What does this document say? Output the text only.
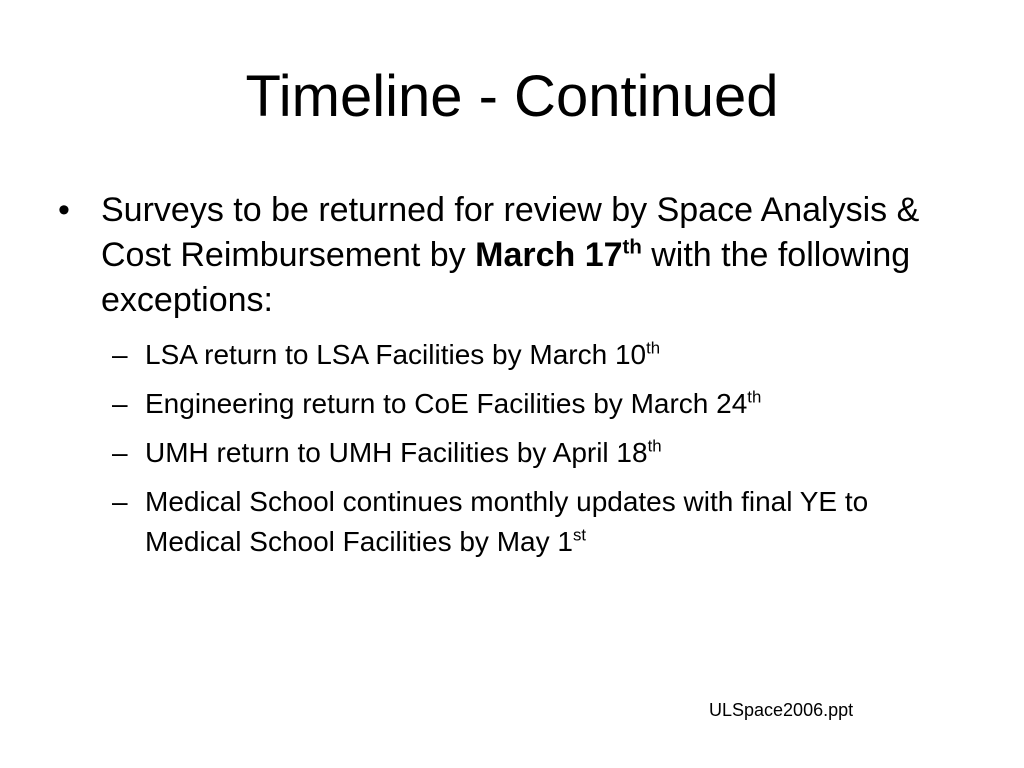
Timeline - Continued
• Surveys to be returned for review by Space Analysis & Cost Reimbursement by March 17th with the following exceptions:
– LSA return to LSA Facilities by March 10th
– Engineering return to CoE Facilities by March 24th
– UMH return to UMH Facilities by April 18th
– Medical School continues monthly updates with final YE to Medical School Facilities by May 1st
ULSpace2006.ppt
